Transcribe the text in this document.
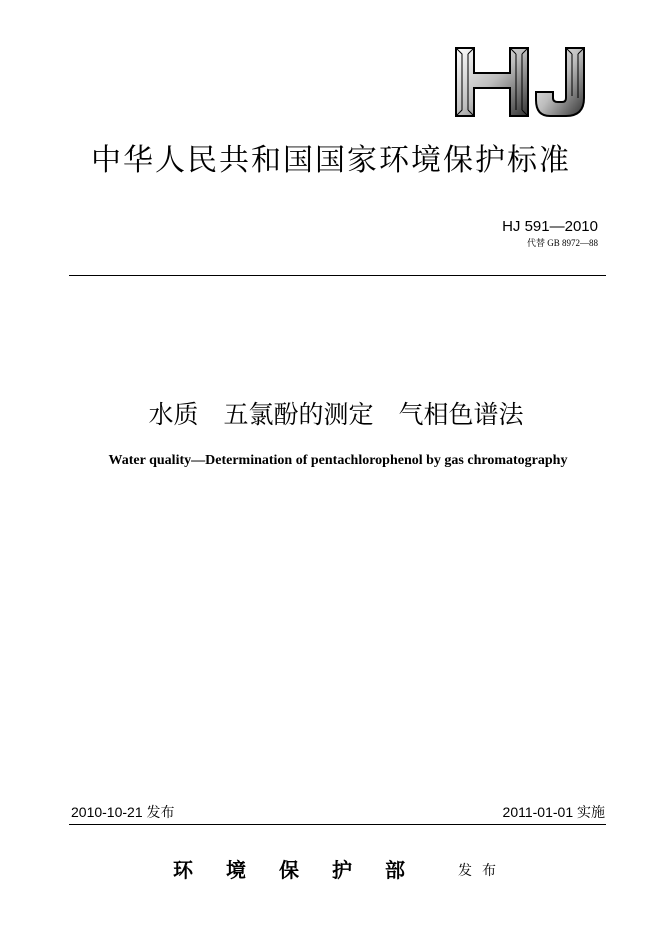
中华人民共和国国家环境保护标准
HJ 591—2010
代替 GB 8972—88
水质　五氯酚的测定　气相色谱法
Water quality—Determination of pentachlorophenol by gas chromatography
2010-10-21 发布	2011-01-01 实施
环境保护部 发布
